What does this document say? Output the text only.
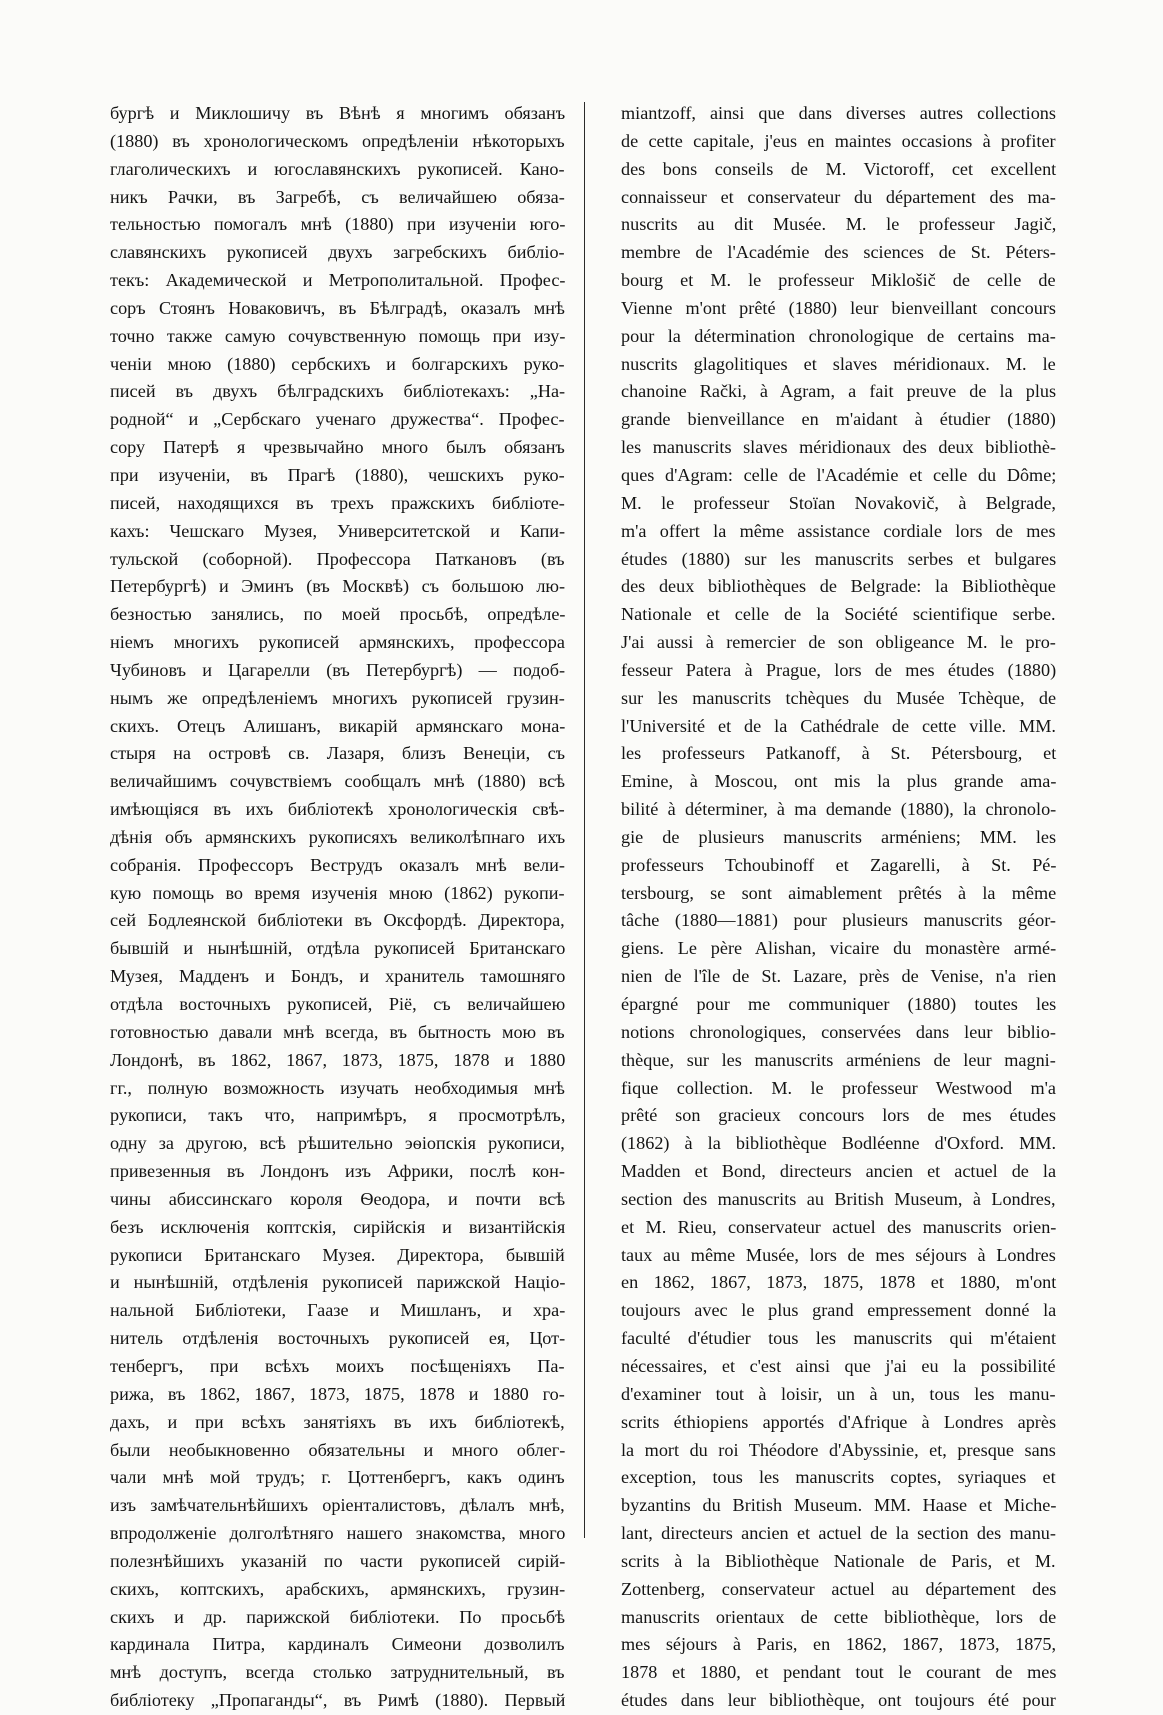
бургѣ и Миклошичу въ Вѣнѣ я многимъ обязанъ
(1880) въ хронологическомъ опредѣленіи нѣкоторыхъ
глаголическихъ и югославянскихъ рукописей. Кано-
никъ Рачки, въ Загребѣ, съ величайшею обяза-
тельностью помогалъ мнѣ (1880) при изученіи юго-
славянскихъ рукописей двухъ загребскихъ библіо-
текъ: Академической и Метрополитальной. Профес-
соръ Стоянъ Новаковичъ, въ Бѣлградѣ, оказалъ мнѣ
точно также самую сочувственную помощь при изу-
ченіи мною (1880) сербскихъ и болгарскихъ руко-
писей въ двухъ бѣлградскихъ библіотекахъ: „На-
родной“ и „Сербскаго ученаго дружества“. Профес-
сору Патерѣ я чрезвычайно много былъ обязанъ
при изученіи, въ Прагѣ (1880), чешскихъ руко-
писей, находящихся въ трехъ пражскихъ библіоте-
кахъ: Чешскаго Музея, Университетской и Капи-
тульской (соборной). Профессора Паткановъ (въ
Петербургѣ) и Эминъ (въ Москвѣ) съ большою лю-
безностью занялись, по моей просьбѣ, опредѣле-
ніемъ многихъ рукописей армянскихъ, профессора
Чубиновъ и Цагарелли (въ Петербургѣ) — подоб-
нымъ же опредѣленіемъ многихъ рукописей грузин-
скихъ. Отецъ Алишанъ, викарій армянскаго мона-
стыря на островѣ св. Лазаря, близъ Венеціи, съ
величайшимъ сочувствіемъ сообщалъ мнѣ (1880) всѣ
имѣющіяся въ ихъ библіотекѣ хронологическія свѣ-
дѣнія объ армянскихъ рукописяхъ великолѣпнаго ихъ
собранія. Профессоръ Веструдъ оказалъ мнѣ вели-
кую помощь во время изученія мною (1862) рукопи-
сей Бодлеянской библіотеки въ Оксфордѣ. Директора,
бывшій и нынѣшній, отдѣла рукописей Британскаго
Музея, Мадденъ и Бондъ, и хранитель тамошняго
отдѣла восточныхъ рукописей, Ріё, съ величайшею
готовностью давали мнѣ всегда, въ бытность мою въ
Лондонѣ, въ 1862, 1867, 1873, 1875, 1878 и 1880
гг., полную возможность изучать необходимыя мнѣ
рукописи, такъ что, напримѣръ, я просмотрѣлъ,
одну за другою, всѣ рѣшительно эѳіопскія рукописи,
привезенныя въ Лондонъ изъ Африки, послѣ кон-
чины абиссинскаго короля Ѳеодора, и почти всѣ
безъ исключенія коптскія, сирійскія и византійскія
рукописи Британскаго Музея. Директора, бывшій
и нынѣшній, отдѣленія рукописей парижской Націо-
нальной Библіотеки, Гаазе и Мишланъ, и хра-
нитель отдѣленія восточныхъ рукописей ея, Цот-
тенбергъ, при всѣхъ моихъ посѣщеніяхъ Па-
рижа, въ 1862, 1867, 1873, 1875, 1878 и 1880 го-
дахъ, и при всѣхъ занятіяхъ въ ихъ библіотекѣ,
были необыкновенно обязательны и много облег-
чали мнѣ мой трудъ; г. Цоттенбергъ, какъ одинъ
изъ замѣчательнѣйшихъ оріенталистовъ, дѣлалъ мнѣ,
впродолженіе долголѣтняго нашего знакомства, много
полезнѣйшихъ указаній по части рукописей сирій-
скихъ, коптскихъ, арабскихъ, армянскихъ, грузин-
скихъ и др. парижской библіотеки. По просьбѣ
кардинала Питра, кардиналъ Симеони дозволилъ
мнѣ доступъ, всегда столько затруднительный, въ
библіотеку „Пропаганды“, въ Римѣ (1880). Первый
miantzoff, ainsi que dans diverses autres collections
de cette capitale, j'eus en maintes occasions à profiter
des bons conseils de M. Victoroff, cet excellent
connaisseur et conservateur du département des ma-
nuscrits au dit Musée. M. le professeur Jagič,
membre de l'Académie des sciences de St. Péters-
bourg et M. le professeur Miklošič de celle de
Vienne m'ont prêté (1880) leur bienveillant concours
pour la détermination chronologique de certains ma-
nuscrits glagolitiques et slaves méridionaux. M. le
chanoine Rački, à Agram, a fait preuve de la plus
grande bienveillance en m'aidant à étudier (1880)
les manuscrits slaves méridionaux des deux bibliothè-
ques d'Agram: celle de l'Académie et celle du Dôme;
M. le professeur Stoïan Novakovič, à Belgrade,
m'a offert la même assistance cordiale lors de mes
études (1880) sur les manuscrits serbes et bulgares
des deux bibliothèques de Belgrade: la Bibliothèque
Nationale et celle de la Société scientifique serbe.
J'ai aussi à remercier de son obligeance M. le pro-
fesseur Patera à Prague, lors de mes études (1880)
sur les manuscrits tchèques du Musée Tchèque, de
l'Université et de la Cathédrale de cette ville. MM.
les professeurs Patkanoff, à St. Pétersbourg, et
Emine, à Moscou, ont mis la plus grande ama-
bilité à déterminer, à ma demande (1880), la chronolo-
gie de plusieurs manuscrits arméniens; MM. les
professeurs Tchoubinoff et Zagarelli, à St. Pé-
tersbourg, se sont aimablement prêtés à la même
tâche (1880—1881) pour plusieurs manuscrits géor-
giens. Le père Alishan, vicaire du monastère armé-
nien de l'île de St. Lazare, près de Venise, n'a rien
épargné pour me communiquer (1880) toutes les
notions chronologiques, conservées dans leur biblio-
thèque, sur les manuscrits arméniens de leur magni-
fique collection. M. le professeur Westwood m'a
prêté son gracieux concours lors de mes études
(1862) à la bibliothèque Bodléenne d'Oxford. MM.
Madden et Bond, directeurs ancien et actuel de la
section des manuscrits au British Museum, à Londres,
et M. Rieu, conservateur actuel des manuscrits orien-
taux au même Musée, lors de mes séjours à Londres
en 1862, 1867, 1873, 1875, 1878 et 1880, m'ont
toujours avec le plus grand empressement donné la
faculté d'étudier tous les manuscrits qui m'étaient
nécessaires, et c'est ainsi que j'ai eu la possibilité
d'examiner tout à loisir, un à un, tous les manu-
scrits éthiopiens apportés d'Afrique à Londres après
la mort du roi Théodore d'Abyssinie, et, presque sans
exception, tous les manuscrits coptes, syriaques et
byzantins du British Museum. MM. Haase et Miche-
lant, directeurs ancien et actuel de la section des manu-
scrits à la Bibliothèque Nationale de Paris, et M.
Zottenberg, conservateur actuel au département des
manuscrits orientaux de cette bibliothèque, lors de
mes séjours à Paris, en 1862, 1867, 1873, 1875,
1878 et 1880, et pendant tout le courant de mes
études dans leur bibliothèque, ont toujours été pour
